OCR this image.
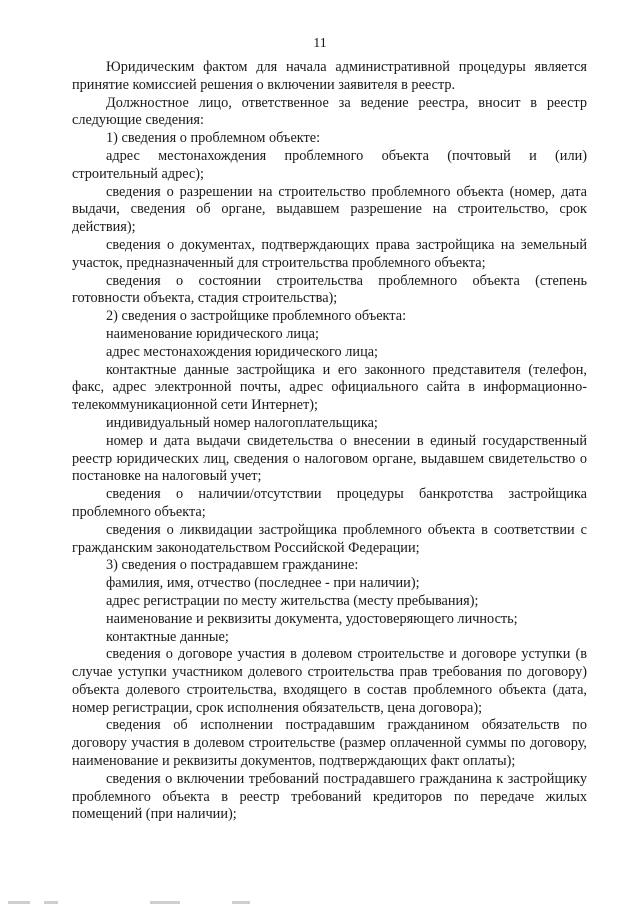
11

Юридическим фактом для начала административной процедуры является принятие комиссией решения о включении заявителя в реестр.

Должностное лицо, ответственное за ведение реестра, вносит в реестр следующие сведения:

1) сведения о проблемном объекте:

адрес местонахождения проблемного объекта (почтовый и (или) строительный адрес);

сведения о разрешении на строительство проблемного объекта (номер, дата выдачи, сведения об органе, выдавшем разрешение на строительство, срок действия);

сведения о документах, подтверждающих права застройщика на земельный участок, предназначенный для строительства проблемного объекта;

сведения о состоянии строительства проблемного объекта (степень готовности объекта, стадия строительства);

2) сведения о застройщике проблемного объекта:

наименование юридического лица;

адрес местонахождения юридического лица;

контактные данные застройщика и его законного представителя (телефон, факс, адрес электронной почты, адрес официального сайта в информационно-телекоммуникационной сети Интернет);

индивидуальный номер налогоплательщика;

номер и дата выдачи свидетельства о внесении в единый государственный реестр юридических лиц, сведения о налоговом органе, выдавшем свидетельство о постановке на налоговый учет;

сведения о наличии/отсутствии процедуры банкротства застройщика проблемного объекта;

сведения о ликвидации застройщика проблемного объекта в соответствии с гражданским законодательством Российской Федерации;

3) сведения о пострадавшем гражданине:

фамилия, имя, отчество (последнее - при наличии);

адрес регистрации по месту жительства (месту пребывания);

наименование и реквизиты документа, удостоверяющего личность;

контактные данные;

сведения о договоре участия в долевом строительстве и договоре уступки (в случае уступки участником долевого строительства прав требования по договору) объекта долевого строительства, входящего в состав проблемного объекта (дата, номер регистрации, срок исполнения обязательств, цена договора);

сведения об исполнении пострадавшим гражданином обязательств по договору участия в долевом строительстве (размер оплаченной суммы по договору, наименование и реквизиты документов, подтверждающих факт оплаты);

сведения о включении требований пострадавшего гражданина к застройщику проблемного объекта в реестр требований кредиторов по передаче жилых помещений (при наличии);
